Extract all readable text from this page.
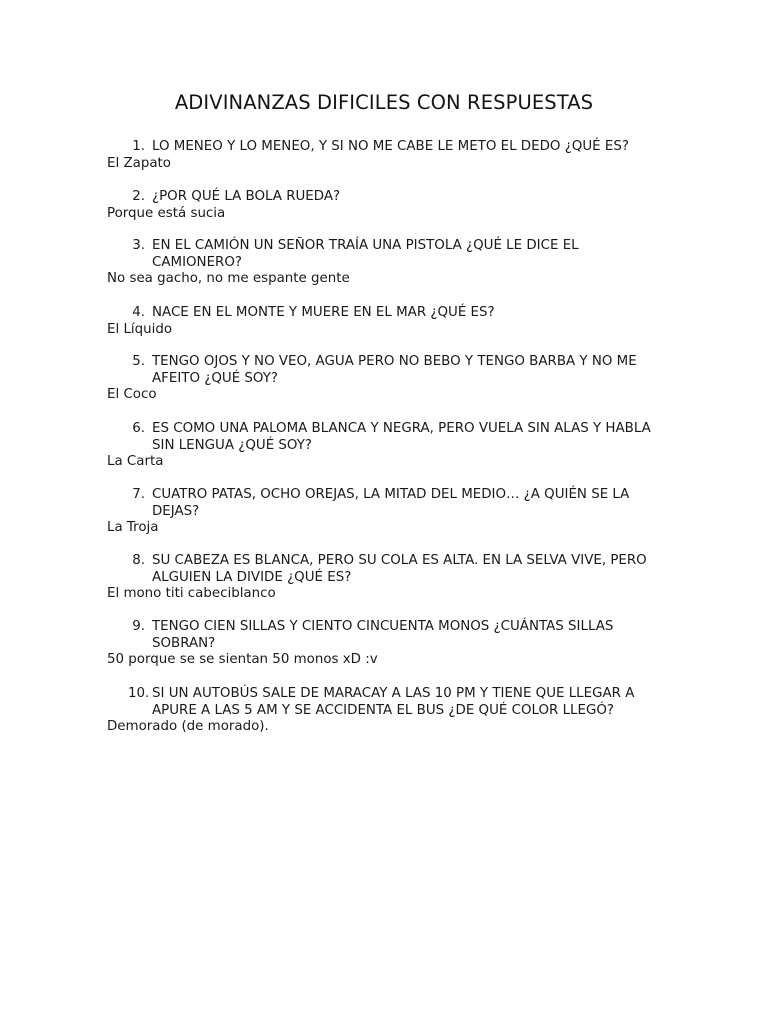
ADIVINANZAS DIFICILES CON RESPUESTAS
1. LO MENEO Y LO MENEO, Y SI NO ME CABE LE METO EL DEDO ¿QUÉ ES?
El Zapato
2. ¿POR QUÉ LA BOLA RUEDA?
Porque está sucia
3. EN EL CAMIÓN UN SEÑOR TRAÍA UNA PISTOLA ¿QUÉ LE DICE EL CAMIONERO?
No sea gacho, no me espante gente
4. NACE EN EL MONTE Y MUERE EN EL MAR ¿QUÉ ES?
El Líquido
5. TENGO OJOS Y NO VEO, AGUA PERO NO BEBO Y TENGO BARBA Y NO ME AFEITO ¿QUÉ SOY?
El Coco
6. ES COMO UNA PALOMA BLANCA Y NEGRA, PERO VUELA SIN ALAS Y HABLA SIN LENGUA ¿QUÉ SOY?
La Carta
7. CUATRO PATAS, OCHO OREJAS, LA MITAD DEL MEDIO… ¿A QUIÉN SE LA DEJAS?
La Troja
8. SU CABEZA ES BLANCA, PERO SU COLA ES ALTA. EN LA SELVA VIVE, PERO ALGUIEN LA DIVIDE ¿QUÉ ES?
El mono titi cabeciblanco
9. TENGO CIEN SILLAS Y CIENTO CINCUENTA MONOS ¿CUÁNTAS SILLAS SOBRAN?
50 porque se se sientan 50 monos xD :v
10. SI UN AUTOBÚS SALE DE MARACAY A LAS 10 PM Y TIENE QUE LLEGAR A APURE A LAS 5 AM Y SE ACCIDENTA EL BUS ¿DE QUÉ COLOR LLEGÓ?
Demorado (de morado).
